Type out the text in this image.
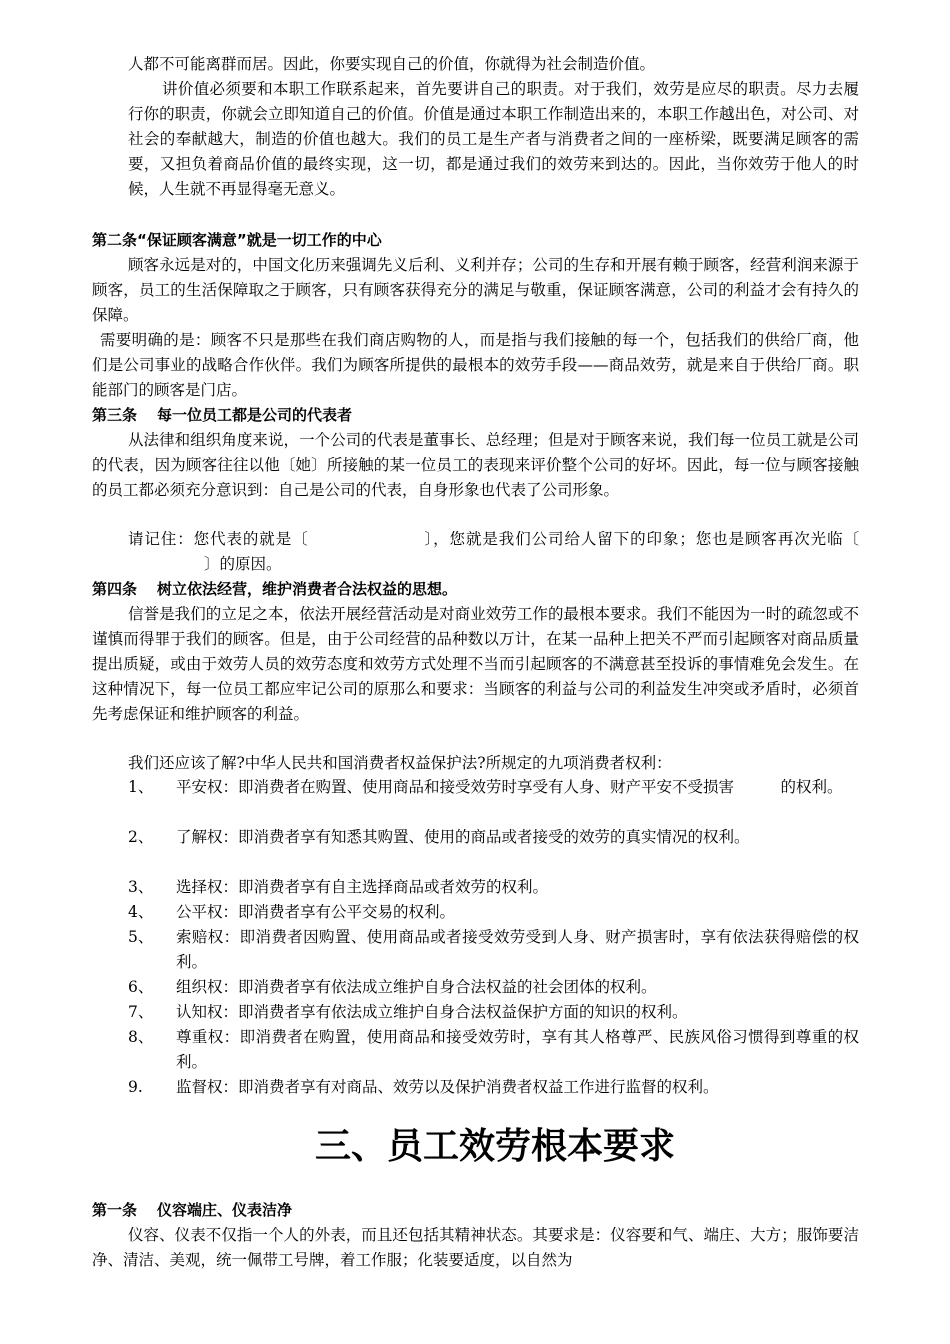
人都不可能离群而居。因此，你要实现自己的价值，你就得为社会制造价值。
讲价值必须要和本职工作联系起来，首先要讲自己的职责。对于我们，效劳是应尽的职责。尽力去履行你的职责，你就会立即知道自己的价值。价值是通过本职工作制造出来的，本职工作越出色，对公司、对社会的奉献越大，制造的价值也越大。我们的员工是生产者与消费者之间的一座桥梁，既要满足顾客的需要，又担负着商品价值的最终实现，这一切，都是通过我们的效劳来到达的。因此，当你效劳于他人的时候，人生就不再显得毫无意义。
第二条“保证顾客满意”就是一切工作的中心
顾客永远是对的，中国文化历来强调先义后利、义利并存；公司的生存和开展有赖于顾客，经营利润来源于顾客，员工的生活保障取之于顾客，只有顾客获得充分的满足与敬重，保证顾客满意，公司的利益才会有持久的保障。
需要明确的是：顾客不只是那些在我们商店购物的人，而是指与我们接触的每一个，包括我们的供给厂商，他们是公司事业的战略合作伙伴。我们为顾客所提供的最根本的效劳手段——商品效劳，就是来自于供给厂商。职能部门的顾客是门店。
第三条 每一位员工都是公司的代表者
从法律和组织角度来说，一个公司的代表是董事长、总经理；但是对于顾客来说，我们每一位员工就是公司的代表，因为顾客往往以他〔她〕所接触的某一位员工的表现来评价整个公司的好坏。因此，每一位与顾客接触的员工都必须充分意识到：自己是公司的代表，自身形象也代表了公司形象。
请记住：您代表的就是〔	〕，您就是我们公司给人留下的印象；您也是顾客再次光临〔〕的原因。
第四条 树立依法经营，维护消费者合法权益的思想。
信誉是我们的立足之本，依法开展经营活动是对商业效劳工作的最根本要求。我们不能因为一时的疏忽或不谨慎而得罪于我们的顾客。但是，由于公司经营的品种数以万计，在某一品种上把关不严而引起顾客对商品质量提出质疑，或由于效劳人员的效劳态度和效劳方式处理不当而引起顾客的不满意甚至投诉的事情难免会发生。在这种情况下，每一位员工都应牢记公司的原那么和要求：当顾客的利益与公司的利益发生冲突或矛盾时，必须首先考虑保证和维护顾客的利益。
我们还应该了解?中华人民共和国消费者权益保护法?所规定的九项消费者权利：
1、 平安权：即消费者在购置、使用商品和接受效劳时享受有人身、财产平安不受损害　　　的权利。
2、 了解权：即消费者享有知悉其购置、使用的商品或者接受的效劳的真实情况的权利。
3、 选择权：即消费者享有自主选择商品或者效劳的权利。
4、 公平权：即消费者享有公平交易的权利。
5、 索赔权：即消费者因购置、使用商品或者接受效劳受到人身、财产损害时，享有依法获得赔偿的权利。
6、 组织权：即消费者享有依法成立维护自身合法权益的社会团体的权利。
7、 认知权：即消费者享有依法成立维护自身合法权益保护方面的知识的权利。
8、 尊重权：即消费者在购置，使用商品和接受效劳时，享有其人格尊严、民族风俗习惯得到尊重的权利。
9. 监督权：即消费者享有对商品、效劳以及保护消费者权益工作进行监督的权利。
三、员工效劳根本要求
第一条 仪容端庄、仪表洁净
仪容、仪表不仅指一个人的外表，而且还包括其精神状态。其要求是：仪容要和气、端庄、大方；服饰要洁净、清洁、美观，统一佩带工号牌，着工作服；化装要适度，以自然为
